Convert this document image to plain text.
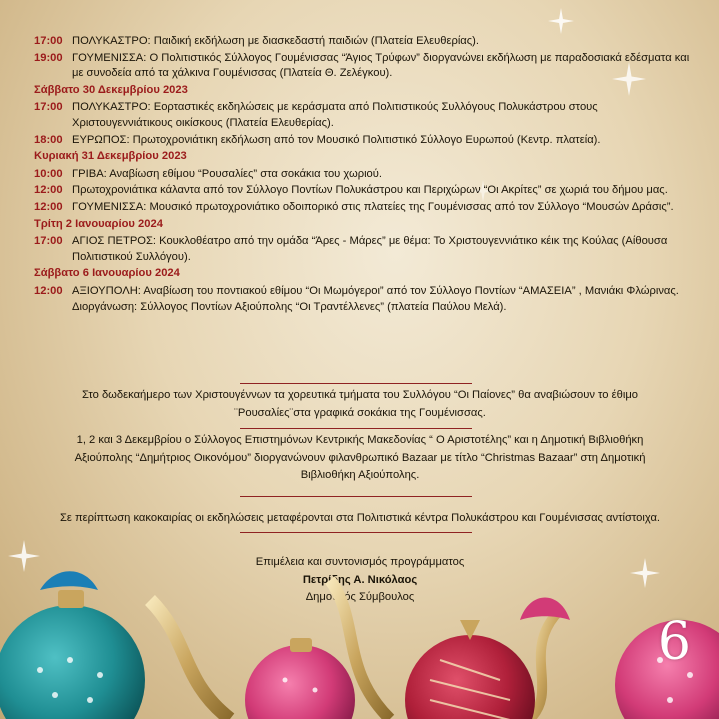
17:00 ΠΟΛΥΚΑΣΤΡΟ: Παιδική εκδήλωση με διασκεδαστή παιδιών (Πλατεία Ελευθερίας).
19:00 ΓΟΥΜΕΝΙΣΣΑ: Ο Πολιτιστικός Σύλλογος Γουμένισσας “Άγιος Τρύφων” διοργανώνει εκδήλωση με παραδοσιακά εδέσματα και με συνοδεία από τα χάλκινα Γουμένισσας (Πλατεία Θ. Ζελέγκου).
Σάββατο 30 Δεκεμβρίου 2023
17:00 ΠΟΛΥΚΑΣΤΡΟ: Εορταστικές εκδηλώσεις με κεράσματα από Πολιτιστικούς Συλλόγους Πολυκάστρου στους Χριστουγεννιάτικους οικίσκους (Πλατεία Ελευθερίας).
18:00 ΕΥΡΩΠΟΣ: Πρωτοχρονιάτικη εκδήλωση από τον Μουσικό Πολιτιστικό Σύλλογο Ευρωπού (Κεντρ. πλατεία).
Κυριακή 31 Δεκεμβρίου 2023
10:00 ΓΡΙΒΑ: Αναβίωση εθίμου “Ρουσαλίες” στα σοκάκια του χωριού.
12:00 Πρωτοχρονιάτικα κάλαντα από τον Σύλλογο Ποντίων Πολυκάστρου και Περιχώρων “Οι Ακρίτες” σε χωριά του δήμου μας.
12:00 ΓΟΥΜΕΝΙΣΣΑ: Μουσικό πρωτοχρονιάτικο οδοιπορικό στις πλατείες της Γουμένισσας από τον Σύλλογο “Μουσών Δράσις”.
Τρίτη 2 Ιανουαρίου 2024
17:00 ΑΓΙΟΣ ΠΕΤΡΟΣ: Κουκλοθέατρο από την ομάδα “Άρες - Μάρες” με θέμα: Το Χριστουγεννιάτικο κέικ της Κούλας (Αίθουσα Πολιτιστικού Συλλόγου).
Σάββατο 6 Ιανουαρίου 2024
12:00 ΑΞΙΟΥΠΟΛΗ: Αναβίωση του ποντιακού εθίμου “Οι Μωμόγεροι” από τον Σύλλογο Ποντίων “ΑΜΑΣΕΙΑ” , Μανιάκι Φλώρινας. Διοργάνωση: Σύλλογος Ποντίων Αξιούπολης “Οι Τραντέλλενες” (πλατεία Παύλου Μελά).
Στο δωδεκαήμερο των Χριστουγέννων τα χορευτικά τμήματα του Συλλόγου “Οι Παίονες” θα αναβιώσουν το έθιμο ¨Ρουσαλίες¨στα γραφικά σοκάκια της Γουμένισσας.
1, 2 και 3 Δεκεμβρίου ο Σύλλογος Επιστημόνων Κεντρικής Μακεδονίας “ Ο Αριστοτέλης” και η Δημοτική Βιβλιοθήκη Αξιούπολης “Δημήτριος Οικονόμου” διοργανώνουν φιλανθρωπικό Bazaar με τίτλο “Christmas Bazaar” στη Δημοτική Βιβλιοθήκη Αξιούπολης.
Σε περίπτωση κακοκαιρίας οι εκδηλώσεις μεταφέρονται στα Πολιτιστικά κέντρα Πολυκάστρου και Γουμένισσας αντίστοιχα.
Επιμέλεια και συντονισμός προγράμματος
Πετρίδης Α. Νικόλαος
Δημοτικός Σύμβουλος
6
